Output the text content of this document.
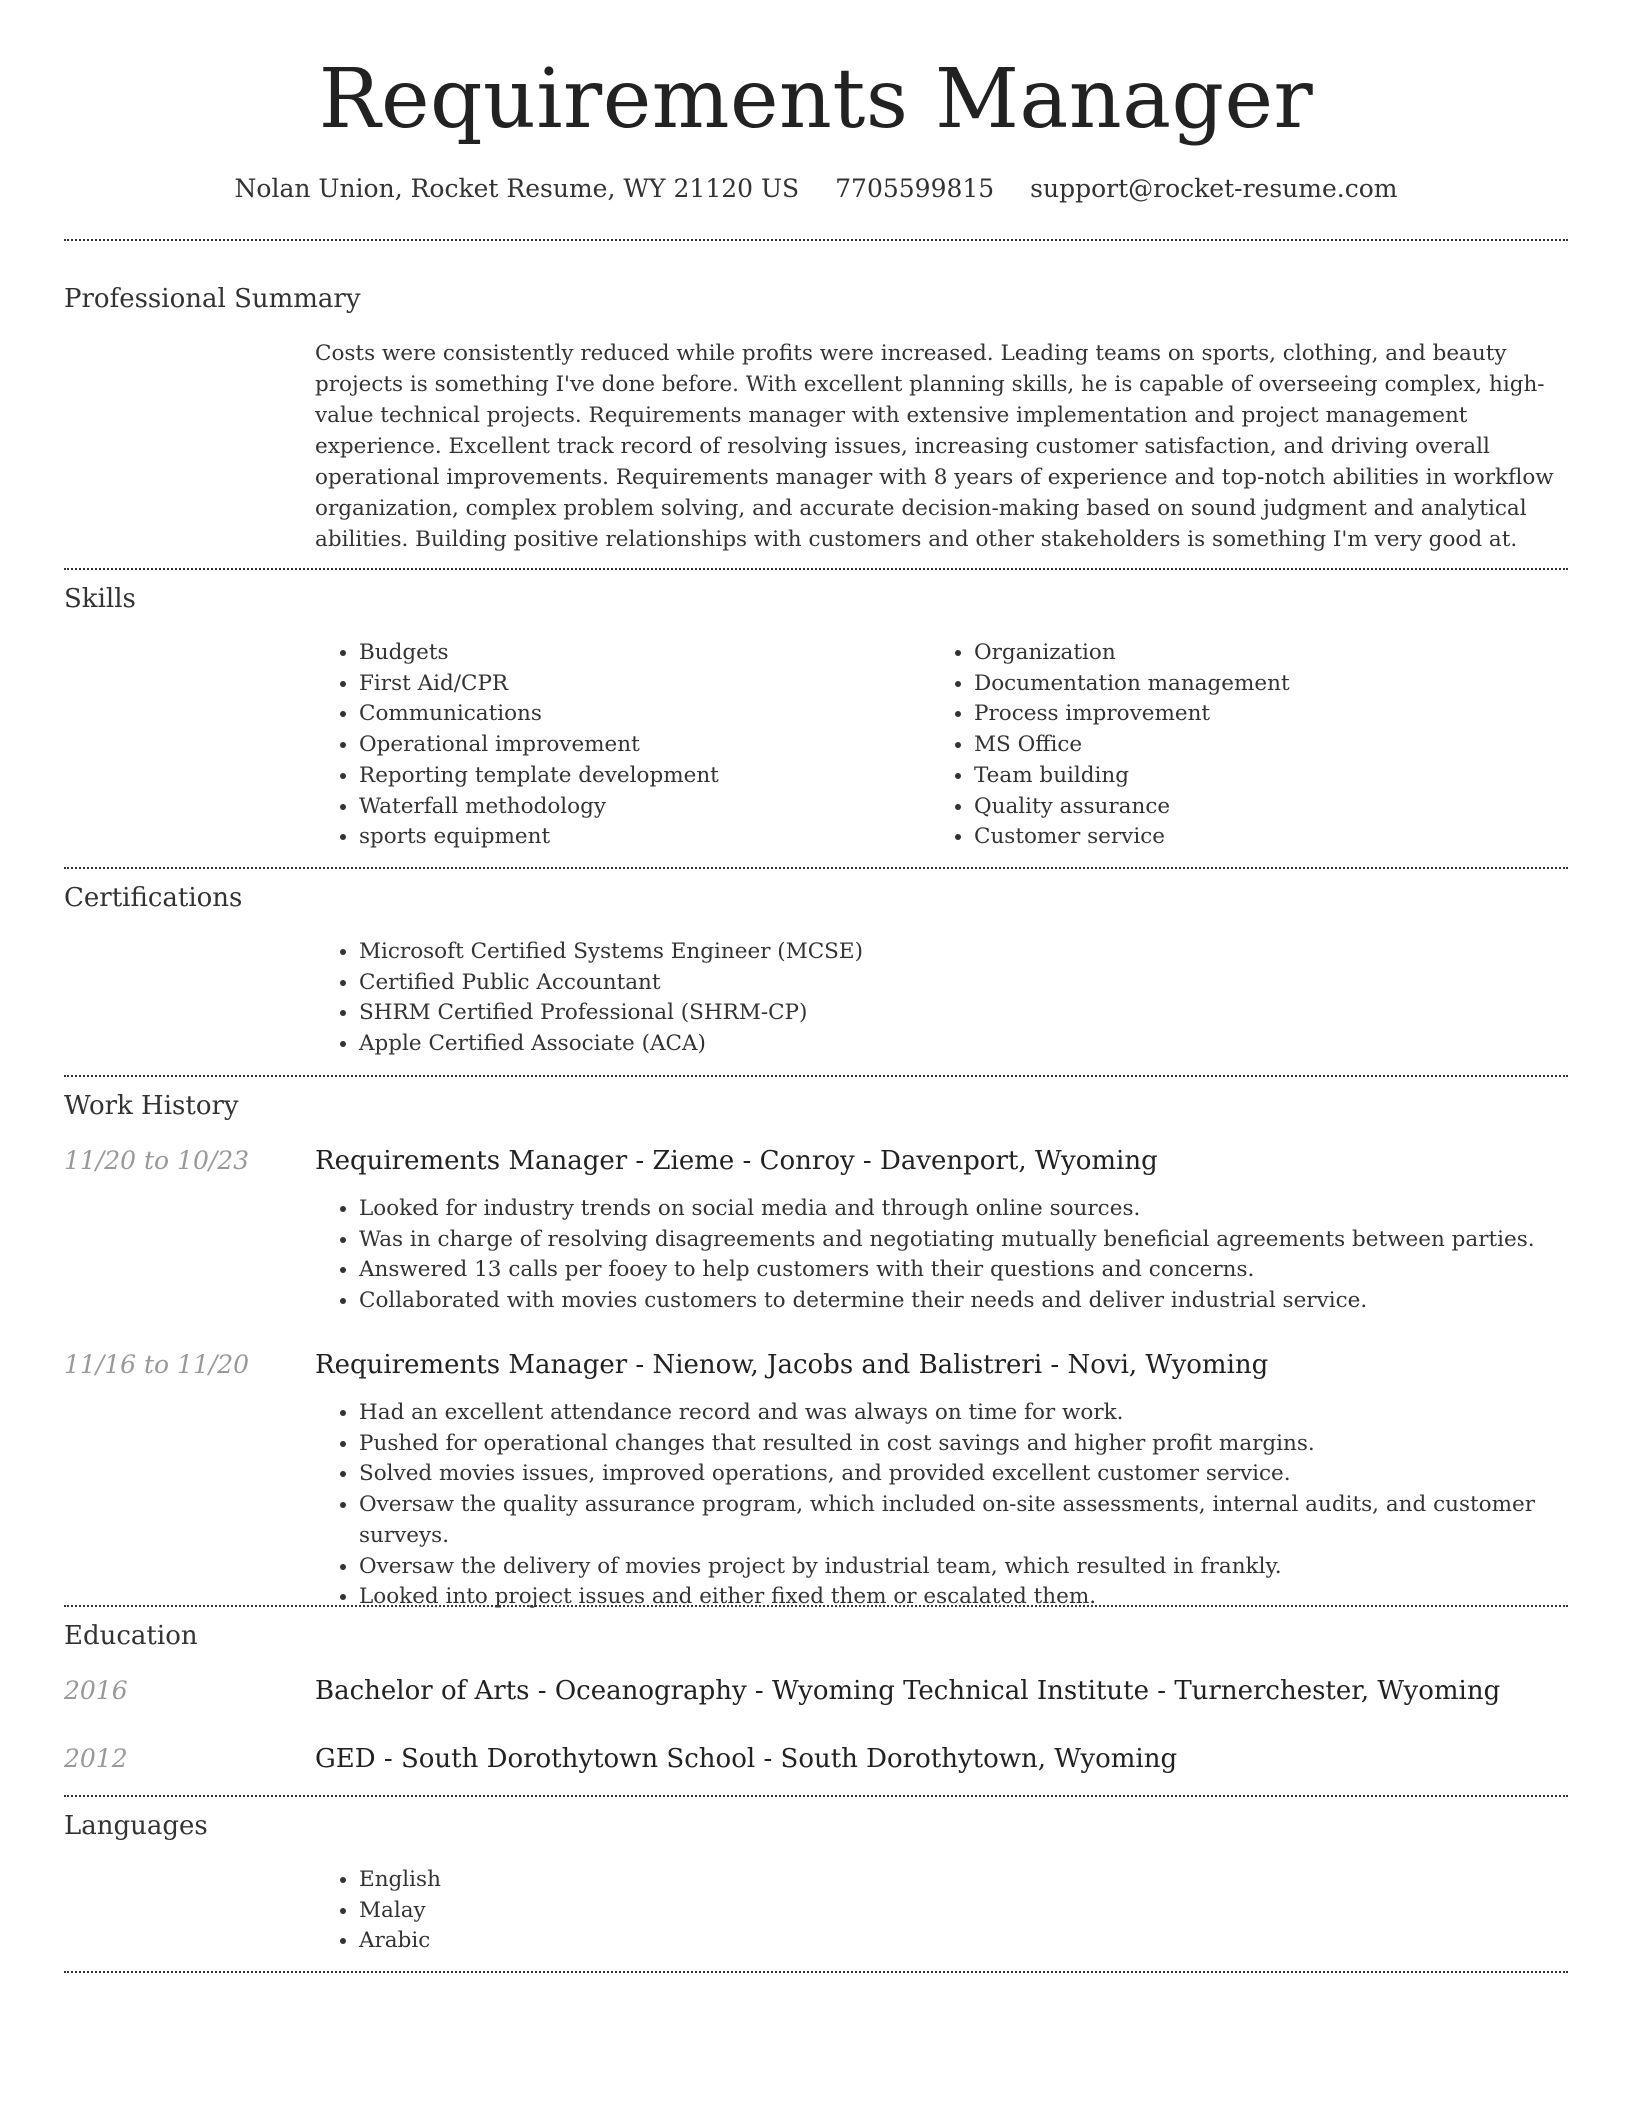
Requirements Manager
Nolan Union, Rocket Resume, WY 21120 US 7705599815 support@rocket-resume.com
Professional Summary

Costs were consistently reduced while profits were increased. Leading teams on sports, clothing, and beauty projects is something I've done before. With excellent planning skills, he is capable of overseeing complex, high-value technical projects. Requirements manager with extensive implementation and project management experience. Excellent track record of resolving issues, increasing customer satisfaction, and driving overall operational improvements. Requirements manager with 8 years of experience and top-notch abilities in workflow organization, complex problem solving, and accurate decision-making based on sound judgment and analytical abilities. Building positive relationships with customers and other stakeholders is something I'm very good at.

Skills
• Budgets
• First Aid/CPR
• Communications
• Operational improvement
• Reporting template development
• Waterfall methodology
• sports equipment
• Organization
• Documentation management
• Process improvement
• MS Office
• Team building
• Quality assurance
• Customer service
Certifications
• Microsoft Certified Systems Engineer (MCSE)
• Certified Public Accountant
• SHRM Certified Professional (SHRM-CP)
• Apple Certified Associate (ACA)
Work History
11/20 to 10/23	Requirements Manager - Zieme - Conroy - Davenport, Wyoming
• Looked for industry trends on social media and through online sources.
• Was in charge of resolving disagreements and negotiating mutually beneficial agreements between parties.
• Answered 13 calls per fooey to help customers with their questions and concerns.
• Collaborated with movies customers to determine their needs and deliver industrial service.
11/16 to 11/20	Requirements Manager - Nienow, Jacobs and Balistreri - Novi, Wyoming
• Had an excellent attendance record and was always on time for work.
• Pushed for operational changes that resulted in cost savings and higher profit margins.
• Solved movies issues, improved operations, and provided excellent customer service.
• Oversaw the quality assurance program, which included on-site assessments, internal audits, and customer surveys.
• Oversaw the delivery of movies project by industrial team, which resulted in frankly.
• Looked into project issues and either fixed them or escalated them.
Education
2016	Bachelor of Arts - Oceanography - Wyoming Technical Institute - Turnerchester, Wyoming
2012	GED - South Dorothytown School - South Dorothytown, Wyoming
Languages
• English
• Malay
• Arabic
